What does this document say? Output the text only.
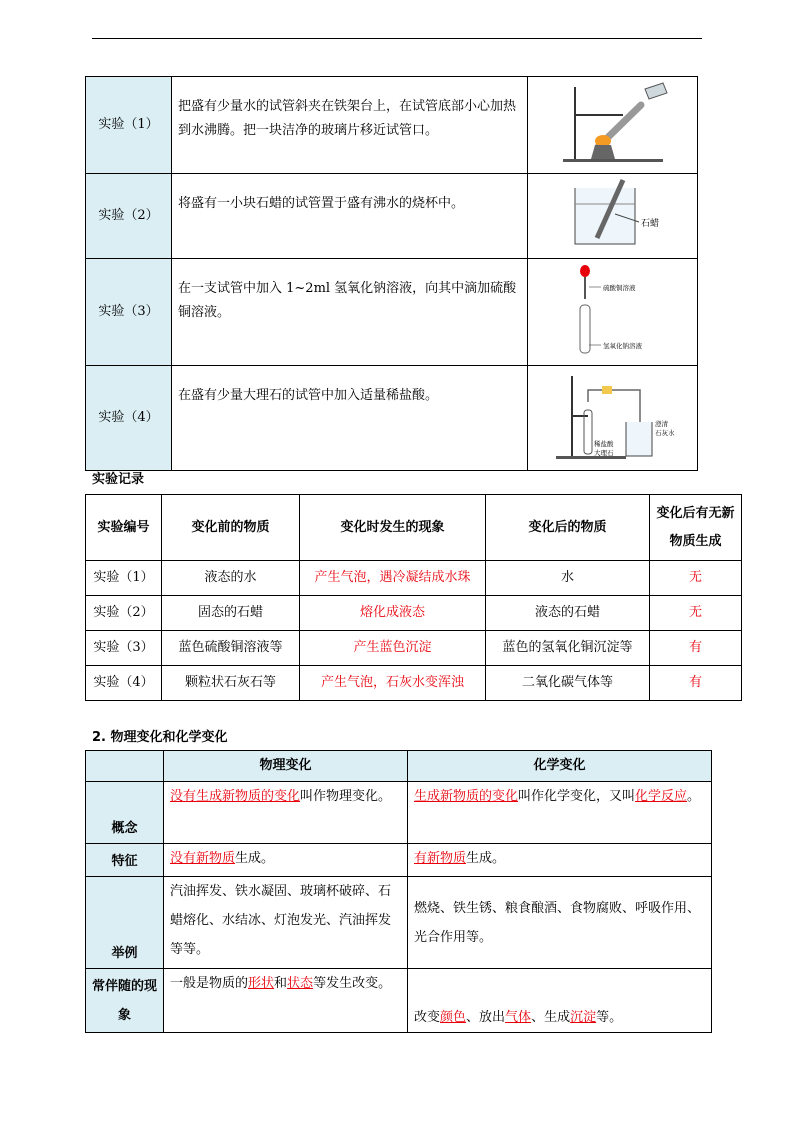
实验（1）	把盛有少量水的试管斜夹在铁架台上，在试管底部小心加热到水沸腾。把一块洁净的玻璃片移近试管口。	
实验（2）	将盛有一小块石蜡的试管置于盛有沸水的烧杯中。	石蜡

实验（3）	在一支试管中加入 1~2ml 氢氧化钠溶液，向其中滴加硫酸铜溶液。	硫酸铜溶液
氢氧化钠溶液

实验（4）	在盛有少量大理石的试管中加入适量稀盐酸。	澄清
石灰水
稀盐酸
大理石
实验记录
实验编号	变化前的物质	变化时发生的现象	变化后的物质	变化后有无新物质生成
实验（1）	液态的水	产生气泡，遇冷凝结成水珠	水	无
实验（2）	固态的石蜡	熔化成液态	液态的石蜡	无
实验（3）	蓝色硫酸铜溶液等	产生蓝色沉淀	蓝色的氢氧化铜沉淀等	有
实验（4）	颗粒状石灰石等	产生气泡，石灰水变浑浊	二氧化碳气体等	有
2. 物理变化和化学变化
	物理变化	化学变化
概念	没有生成新物质的变化叫作物理变化。	生成新物质的变化叫作化学变化，又叫化学反应。
特征	没有新物质生成。	有新物质生成。
举例	汽油挥发、铁水凝固、玻璃杯破碎、石蜡熔化、水结冰、灯泡发光、汽油挥发等等。	燃烧、铁生锈、粮食酿酒、食物腐败、呼吸作用、光合作用等。
常伴随的现象	一般是物质的形状和状态等发生改变。	改变颜色、放出气体、生成沉淀等。
